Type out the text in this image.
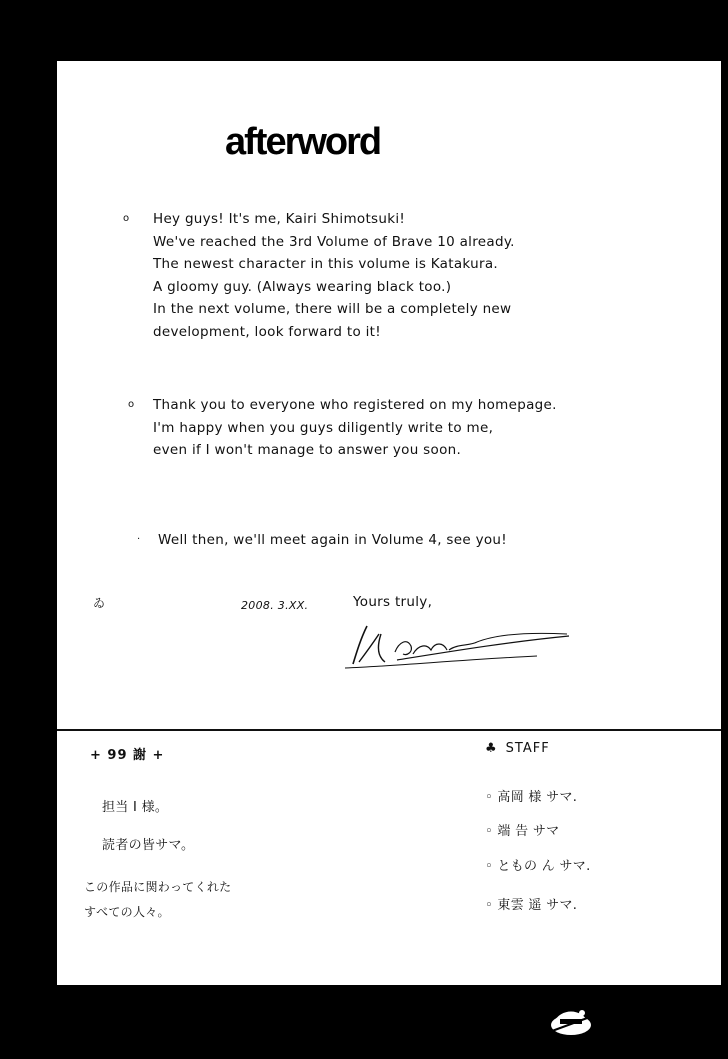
afterword
o Hey guys! It's me, Kairi Shimotsuki!
We've reached the 3rd Volume of Brave 10 already.
The newest character in this volume is Katakura.
A gloomy guy. (Always wearing black too.)
In the next volume, there will be a completely new
development, look forward to it!
o Thank you to everyone who registered on my homepage.
I'm happy when you guys diligently write to me,
even if I won't manage to answer you soon.
· Well then, we'll meet again in Volume 4, see you!
ゐ	2008. 3.XX.	Yours truly,
+ 99 謝 +
担当 I 様。
読者の皆サマ。
この作品に関わってくれた
すべての人々。
♣ STAFF
◦ 高岡 様 サマ.
◦ 端 告 サマ
◦ ともの ん サマ.
◦ 東雲 遥 サマ.
